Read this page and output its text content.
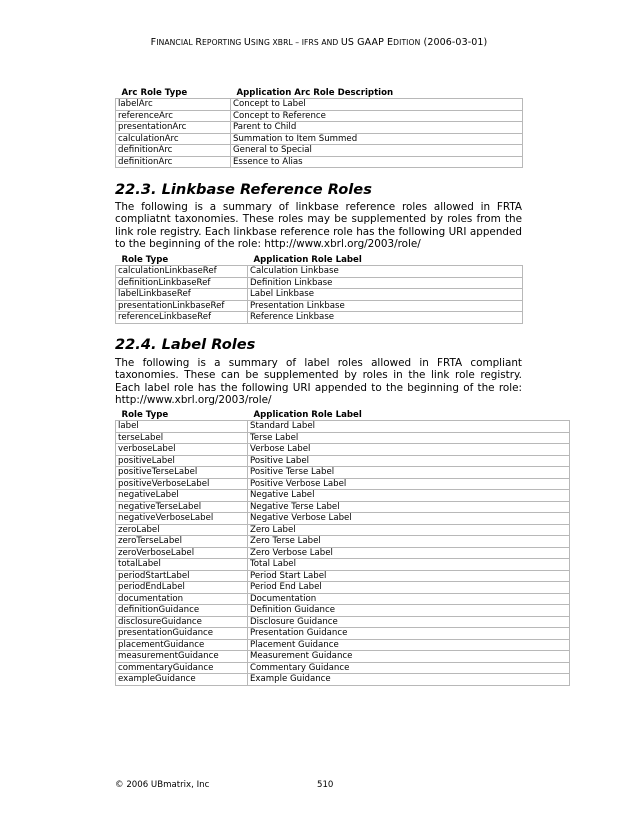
FINANCIAL REPORTING USING XBRL – IFRS AND US GAAP EDITION (2006-03-01)
Arc Role Type	Application Arc Role Description
labelArc	Concept to Label
referenceArc	Concept to Reference
presentationArc	Parent to Child
calculationArc	Summation to Item Summed
definitionArc	General to Special
definitionArc	Essence to Alias
22.3. Linkbase Reference Roles

The following is a summary of linkbase reference roles allowed in FRTA compliatnt taxonomies. These roles may be supplemented by roles from the link role registry. Each linkbase reference role has the following URI appended to the beginning of the role: http://www.xbrl.org/2003/role/

Role Type	Application Role Label
calculationLinkbaseRef	Calculation Linkbase
definitionLinkbaseRef	Definition Linkbase
labelLinkbaseRef	Label Linkbase
presentationLinkbaseRef	Presentation Linkbase
referenceLinkbaseRef	Reference Linkbase
22.4. Label Roles

The following is a summary of label roles allowed in FRTA compliant taxonomies. These can be supplemented by roles in the link role registry. Each label role has the following URI appended to the beginning of the role: http://www.xbrl.org/2003/role/

Role Type	Application Role Label
label	Standard Label
terseLabel	Terse Label
verboseLabel	Verbose Label
positiveLabel	Positive Label
positiveTerseLabel	Positive Terse Label
positiveVerboseLabel	Positive Verbose Label
negativeLabel	Negative Label
negativeTerseLabel	Negative Terse Label
negativeVerboseLabel	Negative Verbose Label
zeroLabel	Zero Label
zeroTerseLabel	Zero Terse Label
zeroVerboseLabel	Zero Verbose Label
totalLabel	Total Label
periodStartLabel	Period Start Label
periodEndLabel	Period End Label
documentation	Documentation
definitionGuidance	Definition Guidance
disclosureGuidance	Disclosure Guidance
presentationGuidance	Presentation Guidance
placementGuidance	Placement Guidance
measurementGuidance	Measurement Guidance
commentaryGuidance	Commentary Guidance
exampleGuidance	Example Guidance
© 2006 UBmatrix, Inc	510
